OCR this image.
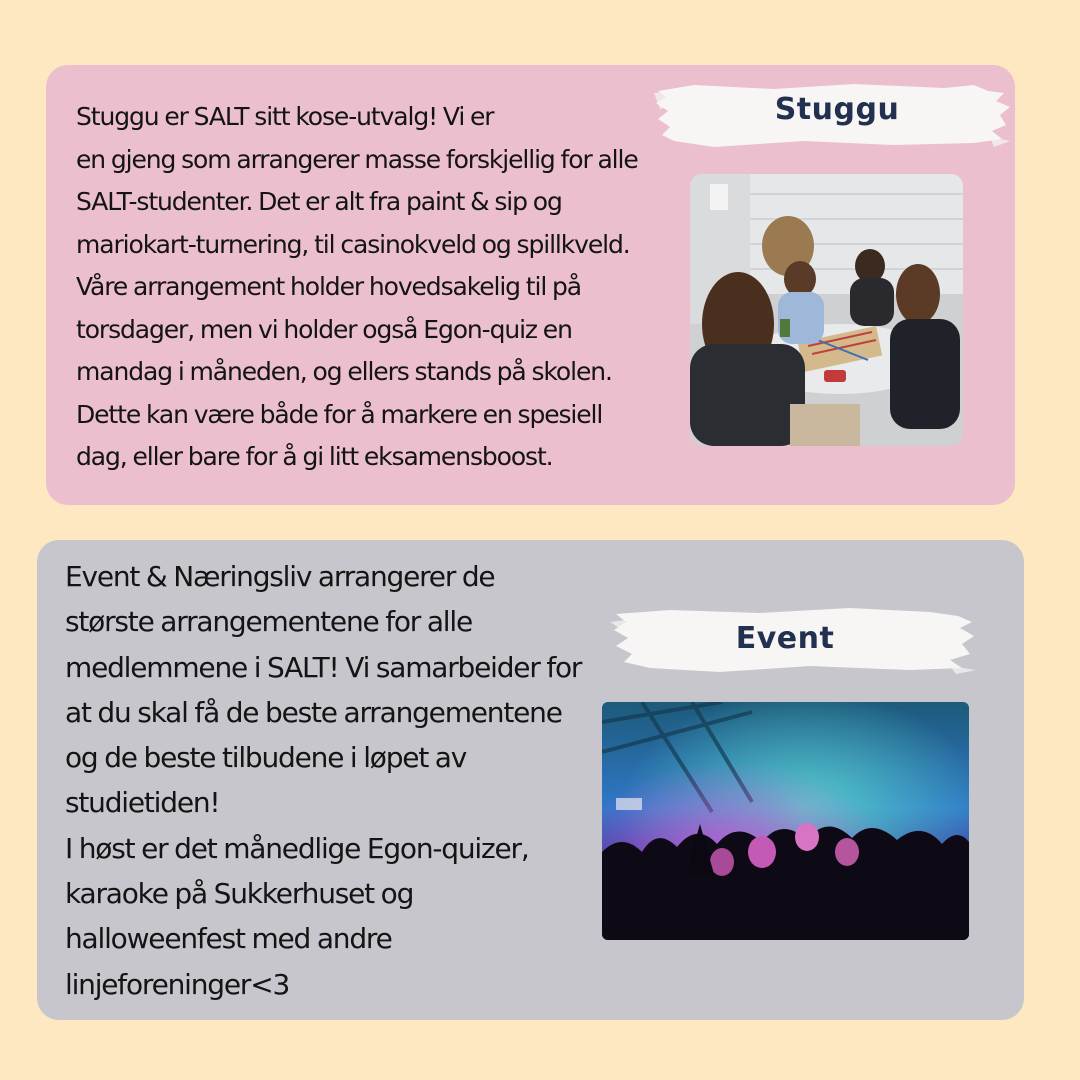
Stuggu er SALT sitt kose-utvalg! Vi er
en gjeng som arrangerer masse forskjellig for alle
SALT-studenter. Det er alt fra paint & sip og
mariokart-turnering, til casinokveld og spillkveld.
Våre arrangement holder hovedsakelig til på
torsdager, men vi holder også Egon-quiz en
mandag i måneden, og ellers stands på skolen.
Dette kan være både for å markere en spesiell
dag, eller bare for å gi litt eksamensboost.

Stuggu

Event & Næringsliv arrangerer de
største arrangementene for alle
medlemmene i SALT! Vi samarbeider for
at du skal få de beste arrangementene
og de beste tilbudene i løpet av
studietiden!
I høst er det månedlige Egon-quizer,
karaoke på Sukkerhuset og
halloweenfest med andre
linjeforeninger<3

Event
